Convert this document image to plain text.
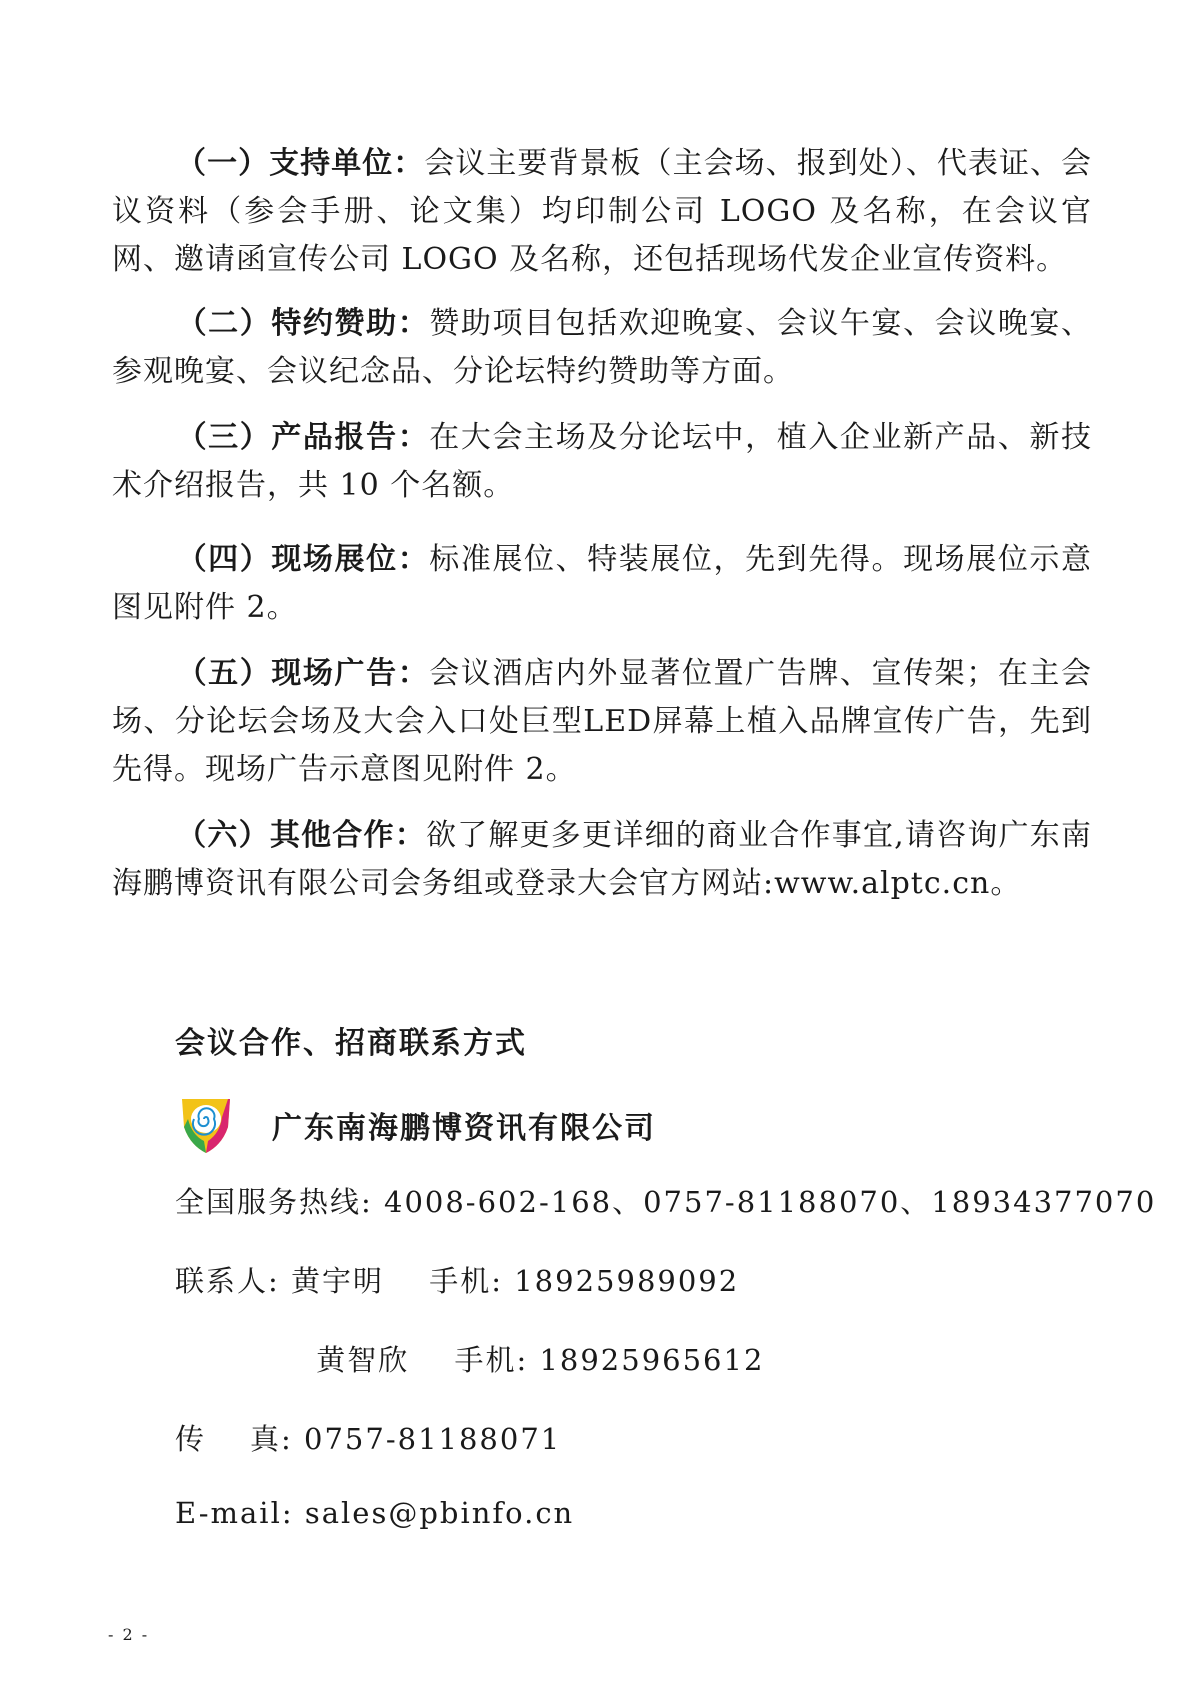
（一）支持单位：会议主要背景板（主会场、报到处）、代表证、会议资料（参会手册、论文集）均印制公司 LOGO 及名称，在会议官网、邀请函宣传公司 LOGO 及名称，还包括现场代发企业宣传资料。
（二）特约赞助：赞助项目包括欢迎晚宴、会议午宴、会议晚宴、参观晚宴、会议纪念品、分论坛特约赞助等方面。
（三）产品报告：在大会主场及分论坛中，植入企业新产品、新技术介绍报告，共 10 个名额。
（四）现场展位：标准展位、特装展位，先到先得。现场展位示意图见附件 2。
（五）现场广告：会议酒店内外显著位置广告牌、宣传架；在主会场、分论坛会场及大会入口处巨型LED屏幕上植入品牌宣传广告，先到先得。现场广告示意图见附件 2。
（六）其他合作：欲了解更多更详细的商业合作事宜,请咨询广东南海鹏博资讯有限公司会务组或登录大会官方网站:www.alptc.cn。
会议合作、招商联系方式
广东南海鹏博资讯有限公司
全国服务热线: 4008-602-168、0757-81188070、18934377070
联系人: 黄宇明 手机: 18925989092
黄智欣 手机: 18925965612
传 真: 0757-81188071
E-mail: sales@pbinfo.cn
- 2 -
